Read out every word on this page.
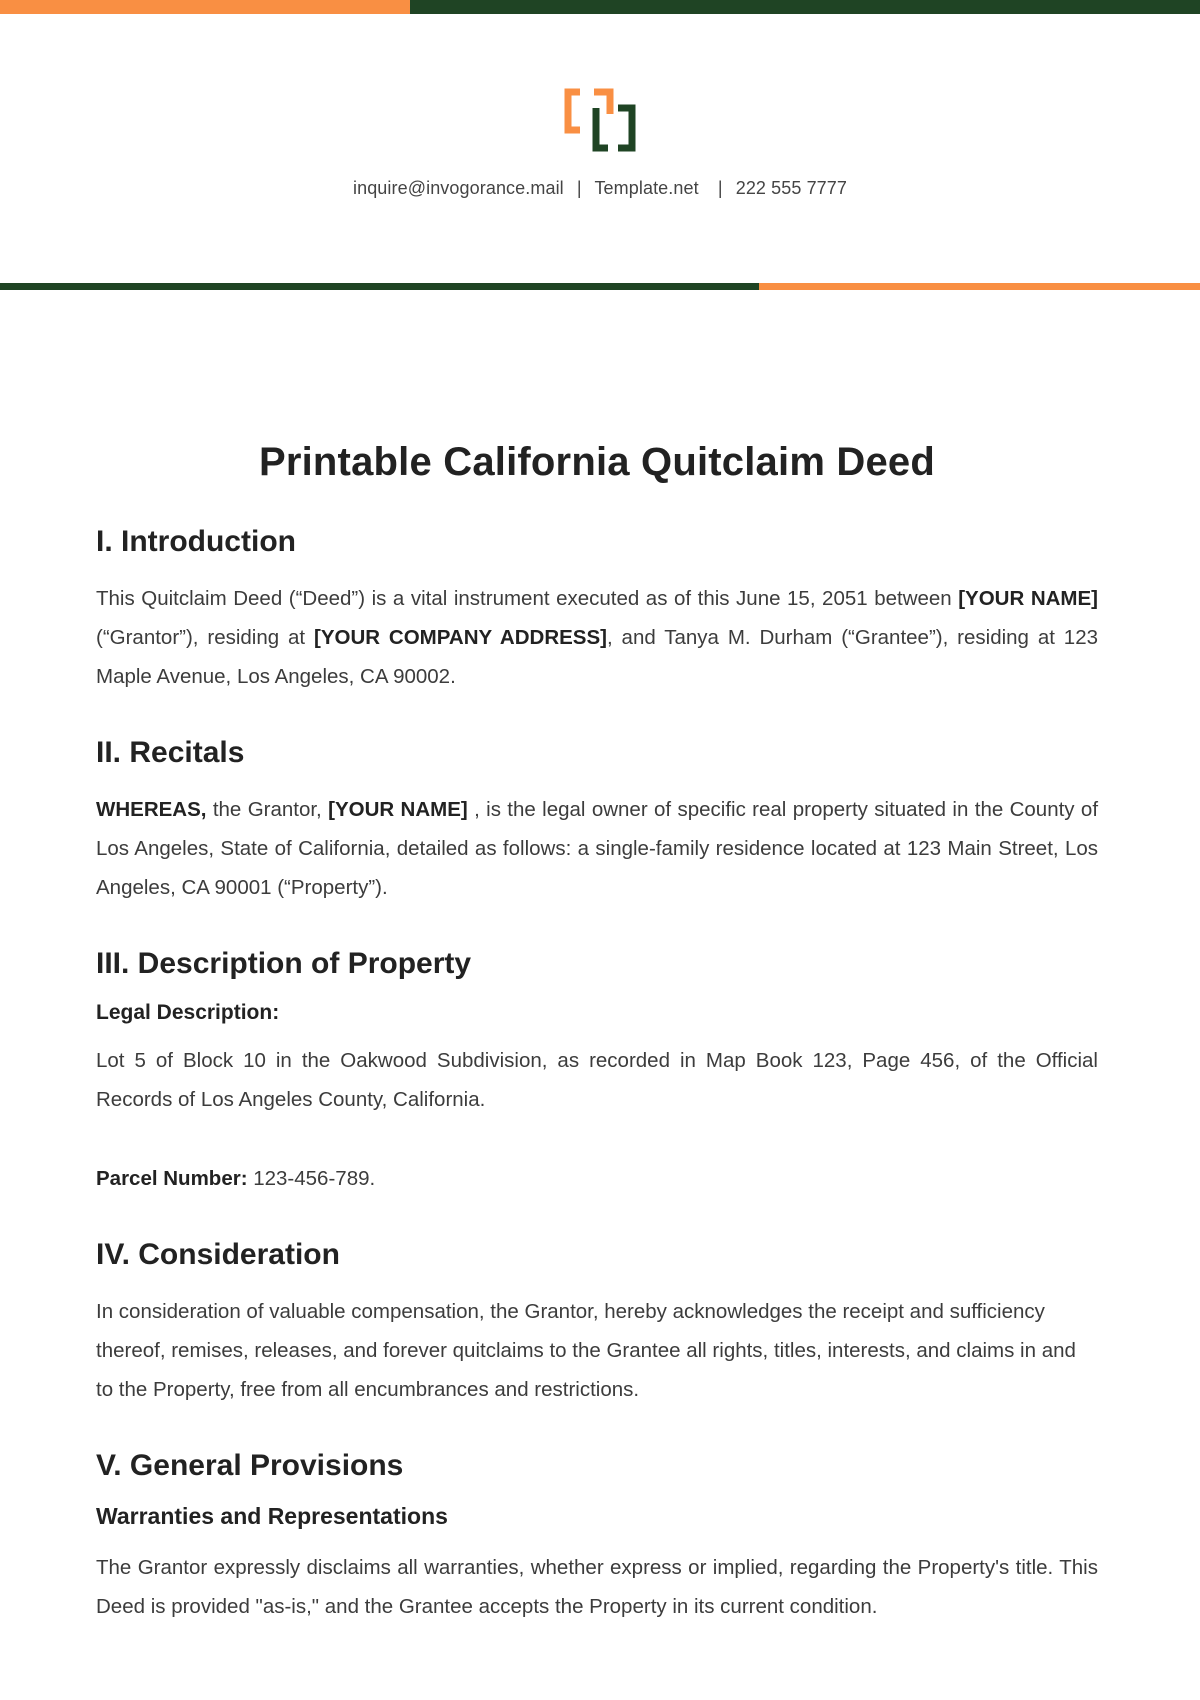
inquire@invogorance.mail | Template.net | 222 555 7777
Printable California Quitclaim Deed
I. Introduction

This Quitclaim Deed (“Deed”) is a vital instrument executed as of this June 15, 2051 between [YOUR NAME] (“Grantor”), residing at [YOUR COMPANY ADDRESS], and Tanya M. Durham (“Grantee”), residing at 123 Maple Avenue, Los Angeles, CA 90002.

II. Recitals

WHEREAS, the Grantor, [YOUR NAME] , is the legal owner of specific real property situated in the County of Los Angeles, State of California, detailed as follows: a single-family residence located at 123 Main Street, Los Angeles, CA 90001 (“Property”).

III. Description of Property
Legal Description:

Lot 5 of Block 10 in the Oakwood Subdivision, as recorded in Map Book 123, Page 456, of the Official Records of Los Angeles County, California.

Parcel Number: 123-456-789.
IV. Consideration

In consideration of valuable compensation, the Grantor, hereby acknowledges the receipt and sufficiency thereof, remises, releases, and forever quitclaims to the Grantee all rights, titles, interests, and claims in and to the Property, free from all encumbrances and restrictions.

V. General Provisions
Warranties and Representations

The Grantor expressly disclaims all warranties, whether express or implied, regarding the Property's title. This Deed is provided "as-is," and the Grantee accepts the Property in its current condition.
